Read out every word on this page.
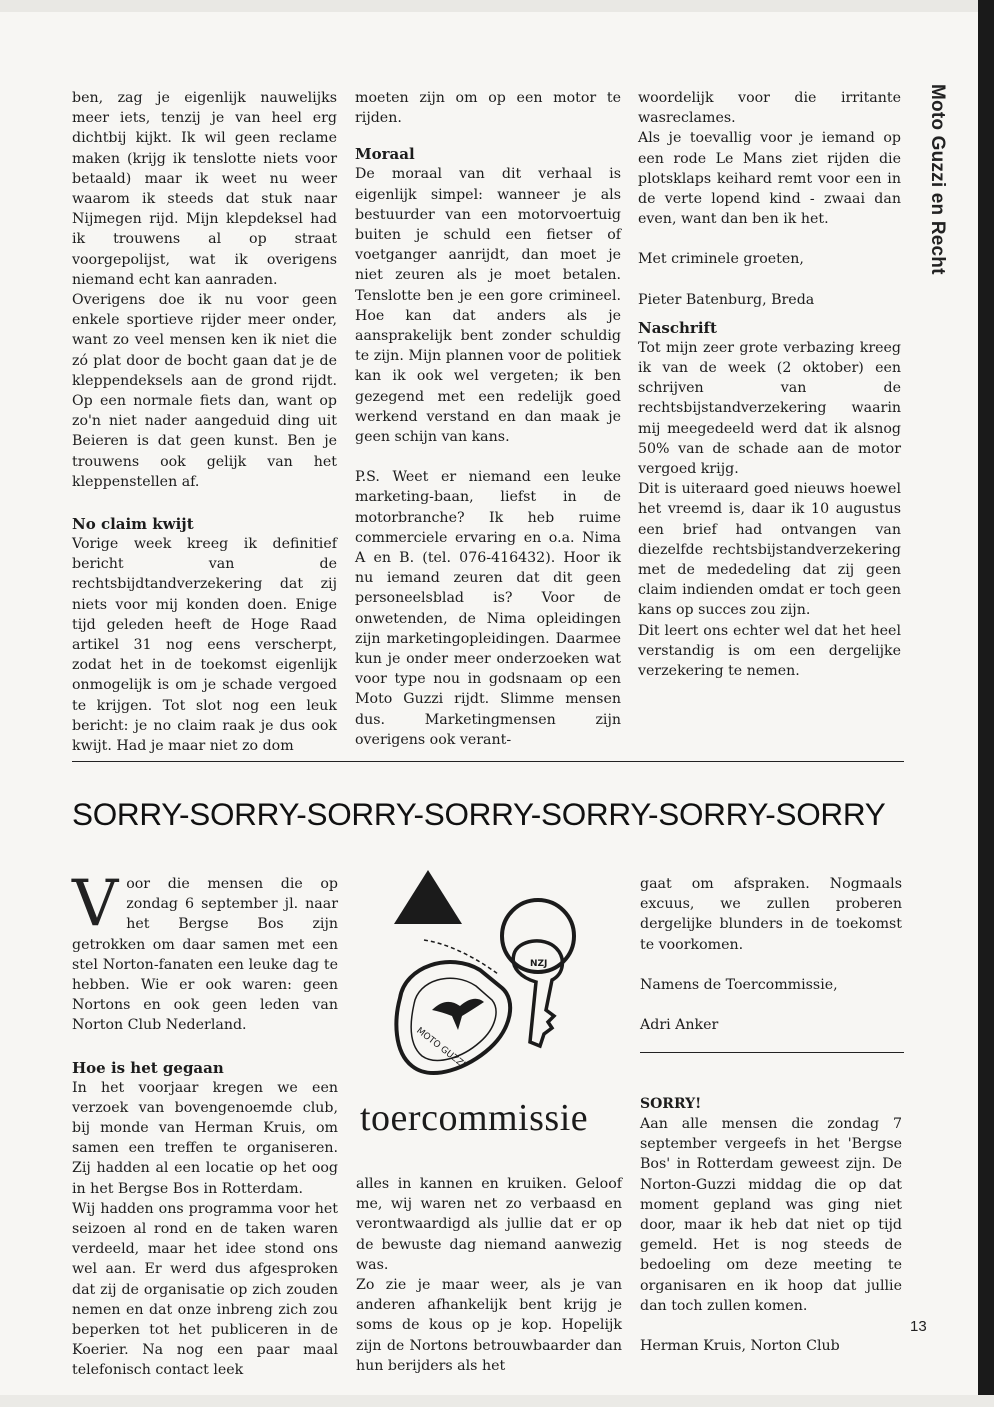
Moto Guzzi en Recht

ben, zag je eigenlijk nauwelijks meer iets, tenzij je van heel erg dichtbij kijkt. Ik wil geen reclame maken (krijg ik tenslotte niets voor betaald) maar ik weet nu weer waarom ik steeds dat stuk naar Nijmegen rijd. Mijn klepdeksel had ik trouwens al op straat voorgepolijst, wat ik overigens niemand echt kan aanraden.

Overigens doe ik nu voor geen enkele sportieve rijder meer onder, want zo veel mensen ken ik niet die zó plat door de bocht gaan dat je de kleppendeksels aan de grond rijdt. Op een normale fiets dan, want op zo'n niet nader aangeduid ding uit Beieren is dat geen kunst. Ben je trouwens ook gelijk van het kleppenstellen af.

No claim kwijt

Vorige week kreeg ik definitief bericht van de rechtsbijdtandverzekering dat zij niets voor mij konden doen. Enige tijd geleden heeft de Hoge Raad artikel 31 nog eens verscherpt, zodat het in de toekomst eigenlijk onmogelijk is om je schade vergoed te krijgen. Tot slot nog een leuk bericht: je no claim raak je dus ook kwijt. Had je maar niet zo dom

moeten zijn om op een motor te rijden.

Moraal

De moraal van dit verhaal is eigenlijk simpel: wanneer je als bestuurder van een motorvoertuig buiten je schuld een fietser of voetganger aanrijdt, dan moet je niet zeuren als je moet betalen. Tenslotte ben je een gore crimineel. Hoe kan dat anders als je aansprakelijk bent zonder schuldig te zijn. Mijn plannen voor de politiek kan ik ook wel vergeten; ik ben gezegend met een redelijk goed werkend verstand en dan maak je geen schijn van kans.

P.S. Weet er niemand een leuke marketing-baan, liefst in de motorbranche? Ik heb ruime commerciele ervaring en o.a. Nima A en B. (tel. 076-416432). Hoor ik nu iemand zeuren dat dit geen personeelsblad is? Voor de onwetenden, de Nima opleidingen zijn marketingopleidingen. Daarmee kun je onder meer onderzoeken wat voor type nou in godsnaam op een Moto Guzzi rijdt. Slimme mensen dus. Marketingmensen zijn overigens ook verant-

woordelijk voor die irritante wasreclames.

Als je toevallig voor je iemand op een rode Le Mans ziet rijden die plotsklaps keihard remt voor een in de verte lopend kind - zwaai dan even, want dan ben ik het.

Met criminele groeten,

Pieter Batenburg, Breda

Naschrift

Tot mijn zeer grote verbazing kreeg ik van de week (2 oktober) een schrijven van de rechtsbijstandverzekering waarin mij meegedeeld werd dat ik alsnog 50% van de schade aan de motor vergoed krijg.

Dit is uiteraard goed nieuws hoewel het vreemd is, daar ik 10 augustus een brief had ontvangen van diezelfde rechtsbijstandverzekering met de mededeling dat zij geen claim indienden omdat er toch geen kans op succes zou zijn.

Dit leert ons echter wel dat het heel verstandig is om een dergelijke verzekering te nemen.

SORRY-SORRY-SORRY-SORRY-SORRY-SORRY-SORRY

Voor die mensen die op zondag 6 september jl. naar het Bergse Bos zijn getrokken om daar samen met een stel Norton-fanaten een leuke dag te hebben. Wie er ook waren: geen Nortons en ook geen leden van Norton Club Nederland.

Hoe is het gegaan

In het voorjaar kregen we een verzoek van bovengenoemde club, bij monde van Herman Kruis, om samen een treffen te organiseren. Zij hadden al een locatie op het oog in het Bergse Bos in Rotterdam.

Wij hadden ons programma voor het seizoen al rond en de taken waren verdeeld, maar het idee stond ons wel aan. Er werd dus afgesproken dat zij de organisatie op zich zouden nemen en dat onze inbreng zich zou beperken tot het publiceren in de Koerier. Na nog een paar maal telefonisch contact leek

MOTO GUZZI
NZJ
toercommissie

alles in kannen en kruiken. Geloof me, wij waren net zo verbaasd en verontwaardigd als jullie dat er op de bewuste dag niemand aanwezig was.

Zo zie je maar weer, als je van anderen afhankelijk bent krijg je soms de kous op je kop. Hopelijk zijn de Nortons betrouwbaarder dan hun berijders als het

gaat om afspraken. Nogmaals excuus, we zullen proberen dergelijke blunders in de toekomst te voorkomen.

Namens de Toercommissie,

Adri Anker

SORRY!

Aan alle mensen die zondag 7 september vergeefs in het 'Bergse Bos' in Rotterdam geweest zijn. De Norton-Guzzi middag die op dat moment gepland was ging niet door, maar ik heb dat niet op tijd gemeld. Het is nog steeds de bedoeling om deze meeting te organisaren en ik hoop dat jullie dan toch zullen komen.

Herman Kruis, Norton Club

13
